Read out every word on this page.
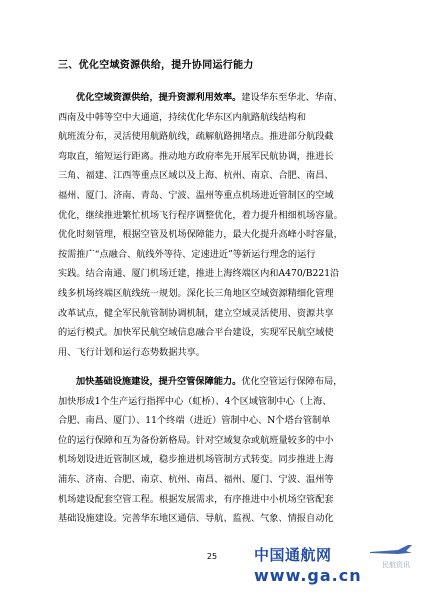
三、优化空域资源供给，提升协同运行能力
优化空域资源供给，提升资源利用效率。建设华东至华北、华南、
西南及中韩等空中大通道，持续优化华东区内航路航线结构和
航班流分布，灵活使用航路航线，疏解航路拥堵点。推进部分航段截
弯取直，缩短运行距离。推动地方政府率先开展军民航协调，推进长
三角、福建、江西等重点区域以及上海、杭州、南京、合肥、南昌、
福州、厦门、济南、青岛、宁波、温州等重点机场进近管制区的空域
优化，继续推进繁忙机场飞行程序调整优化，着力提升相细机场容量。
优化时刻管理，根据空管及机场保障能力，最大化提升高峰小时容量，
按需推广“点融合、航线外等待、定速进近”等新运行理念的运行
实践。结合南通、厦门机场迁建，推进上海终端区内和A470/B221沿
线多机场终端区航线统一规划。深化长三角地区空域资源精细化管理
改革试点，健全军民航管制协调机制，建立空域灵活使用、资源共享
的运行模式。加快军民航空域信息融合平台建设，实现军民航空域使
用、飞行计划和运行态势数据共享。
加快基础设施建设，提升空管保障能力。优化空管运行保障布局，
加快形成1个生产运行指挥中心（虹桥）、4个区域管制中心（上海、
合肥、南昌、厦门）、11个终端（进近）管制中心、N个塔台管制单
位的运行保障和互为备份新格局。针对空域复杂或航班量较多的中小
机场划设进近管制区域，稳步推进机场管制方式转变。同步推进上海
浦东、济南、合肥、南京、杭州、南昌、福州、厦门、宁波、温州等
机场建设配套空管工程。根据发展需求，有序推进中小机场空管配套
基础设施建设。完善华东地区通信、导航、监视、气象、情报自动化
25	中国通航网
www.ga.cn
民航资讯
